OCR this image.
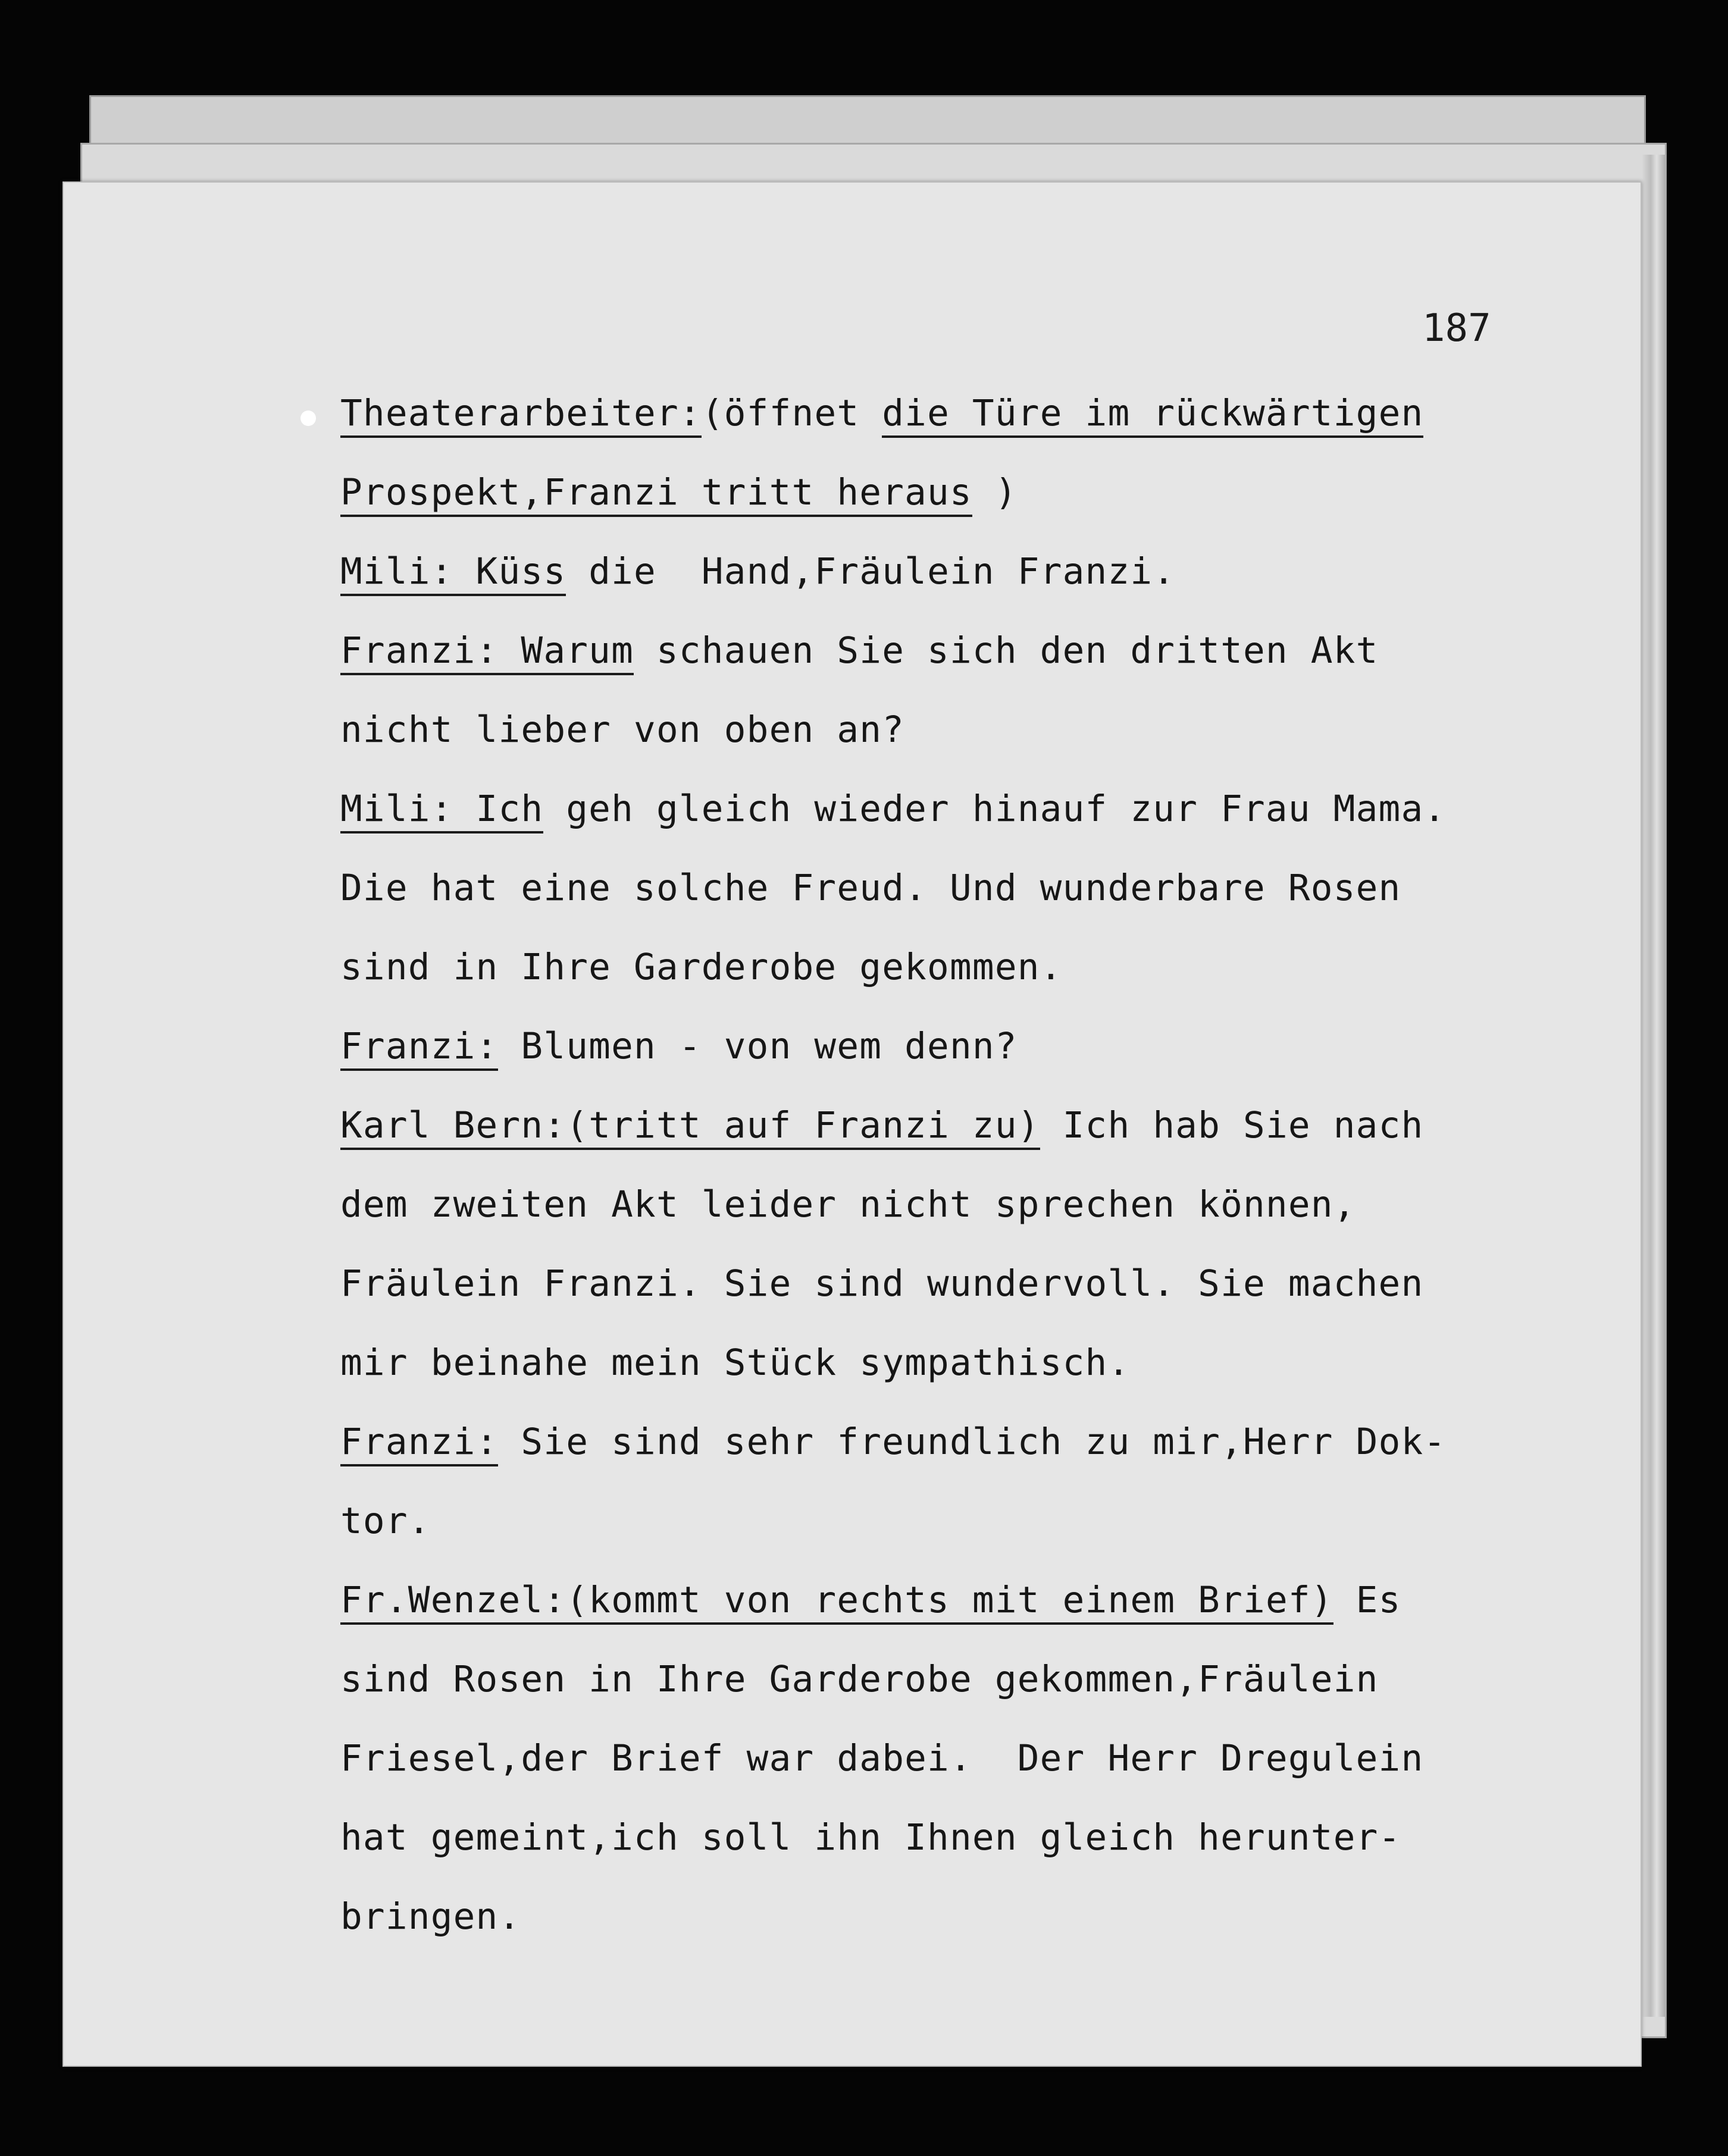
187
Theaterarbeiter:(öffnet die Türe im rückwärtigen
Prospekt,Franzi tritt heraus )
Mili: Küss die  Hand,Fräulein Franzi.
Franzi: Warum schauen Sie sich den dritten Akt
nicht lieber von oben an?
Mili: Ich geh gleich wieder hinauf zur Frau Mama.
Die hat eine solche Freud. Und wunderbare Rosen
sind in Ihre Garderobe gekommen.
Franzi: Blumen - von wem denn?
Karl Bern:(tritt auf Franzi zu) Ich hab Sie nach
dem zweiten Akt leider nicht sprechen können,
Fräulein Franzi. Sie sind wundervoll. Sie machen
mir beinahe mein Stück sympathisch.
Franzi: Sie sind sehr freundlich zu mir,Herr Dok-
tor.
Fr.Wenzel:(kommt von rechts mit einem Brief) Es
sind Rosen in Ihre Garderobe gekommen,Fräulein
Friesel,der Brief war dabei.  Der Herr Dregulein
hat gemeint,ich soll ihn Ihnen gleich herunter-
bringen.
